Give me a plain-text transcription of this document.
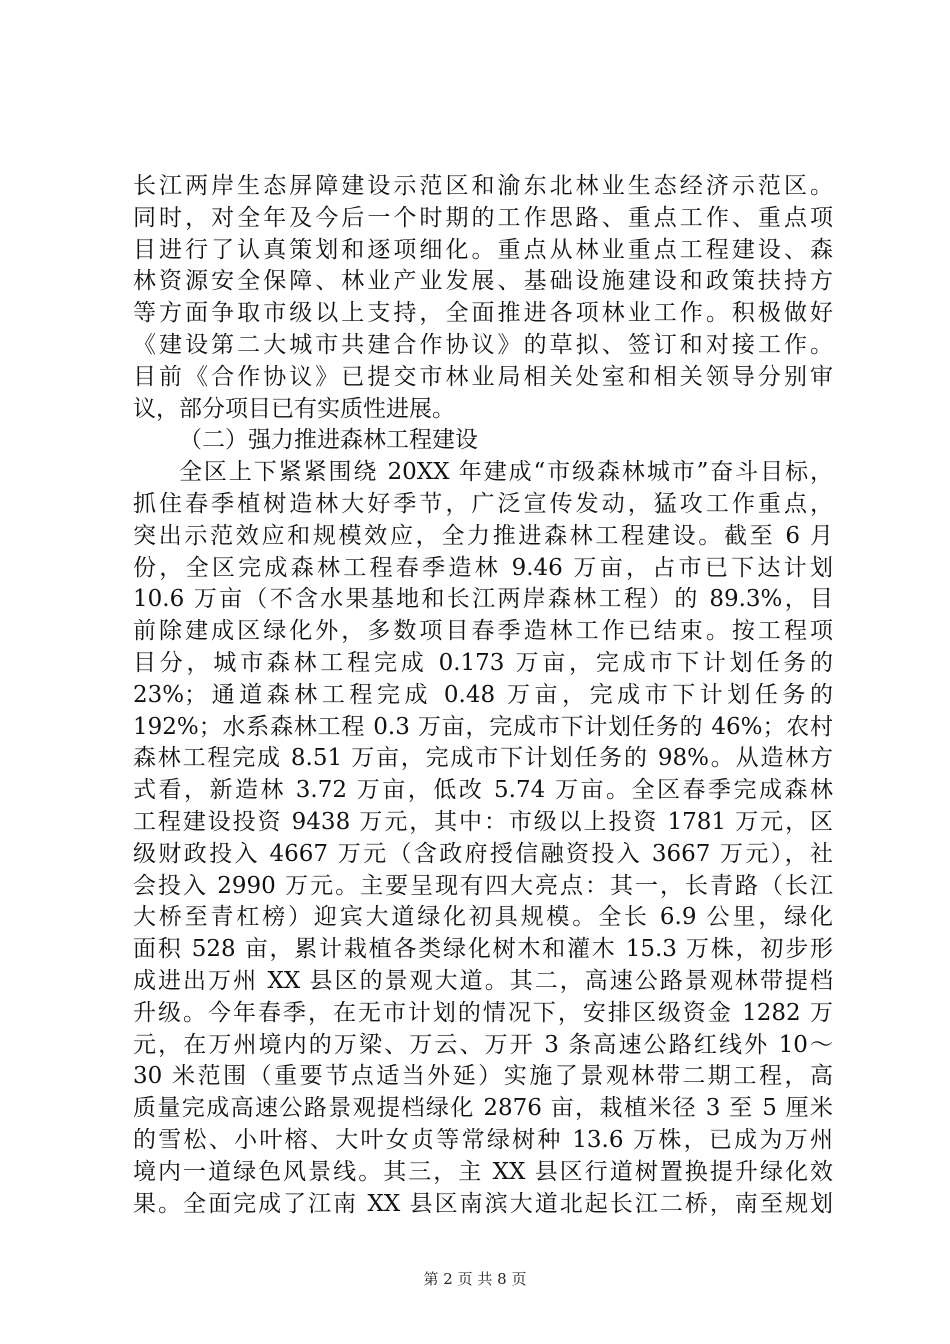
长江两岸生态屏障建设示范区和渝东北林业生态经济示范区。
同时，对全年及今后一个时期的工作思路、重点工作、重点项
目进行了认真策划和逐项细化。重点从林业重点工程建设、森
林资源安全保障、林业产业发展、基础设施建设和政策扶持方
等方面争取市级以上支持，全面推进各项林业工作。积极做好
《建设第二大城市共建合作协议》的草拟、签订和对接工作。
目前《合作协议》已提交市林业局相关处室和相关领导分别审
议，部分项目已有实质性进展。
（二）强力推进森林工程建设
全区上下紧紧围绕 20XX 年建成“市级森林城市”奋斗目标，
抓住春季植树造林大好季节，广泛宣传发动，猛攻工作重点，
突出示范效应和规模效应，全力推进森林工程建设。截至 6 月
份，全区完成森林工程春季造林 9.46 万亩，占市已下达计划
10.6 万亩（不含水果基地和长江两岸森林工程）的 89.3%，目
前除建成区绿化外，多数项目春季造林工作已结束。按工程项
目分，城市森林工程完成 0.173 万亩，完成市下计划任务的
23%；通道森林工程完成 0.48 万亩，完成市下计划任务的
192%；水系森林工程 0.3 万亩，完成市下计划任务的 46%；农村
森林工程完成 8.51 万亩，完成市下计划任务的 98%。从造林方
式看，新造林 3.72 万亩，低改 5.74 万亩。全区春季完成森林
工程建设投资 9438 万元，其中：市级以上投资 1781 万元，区
级财政投入 4667 万元（含政府授信融资投入 3667 万元），社
会投入 2990 万元。主要呈现有四大亮点：其一，长青路（长江
大桥至青杠榜）迎宾大道绿化初具规模。全长 6.9 公里，绿化
面积 528 亩，累计栽植各类绿化树木和灌木 15.3 万株，初步形
成进出万州 XX 县区的景观大道。其二，高速公路景观林带提档
升级。今年春季，在无市计划的情况下，安排区级资金 1282 万
元，在万州境内的万梁、万云、万开 3 条高速公路红线外 10～
30 米范围（重要节点适当外延）实施了景观林带二期工程，高
质量完成高速公路景观提档绿化 2876 亩，栽植米径 3 至 5 厘米
的雪松、小叶榕、大叶女贞等常绿树种 13.6 万株，已成为万州
境内一道绿色风景线。其三，主 XX 县区行道树置换提升绿化效
果。全面完成了江南 XX 县区南滨大道北起长江二桥，南至规划
第 2 页 共 8 页
